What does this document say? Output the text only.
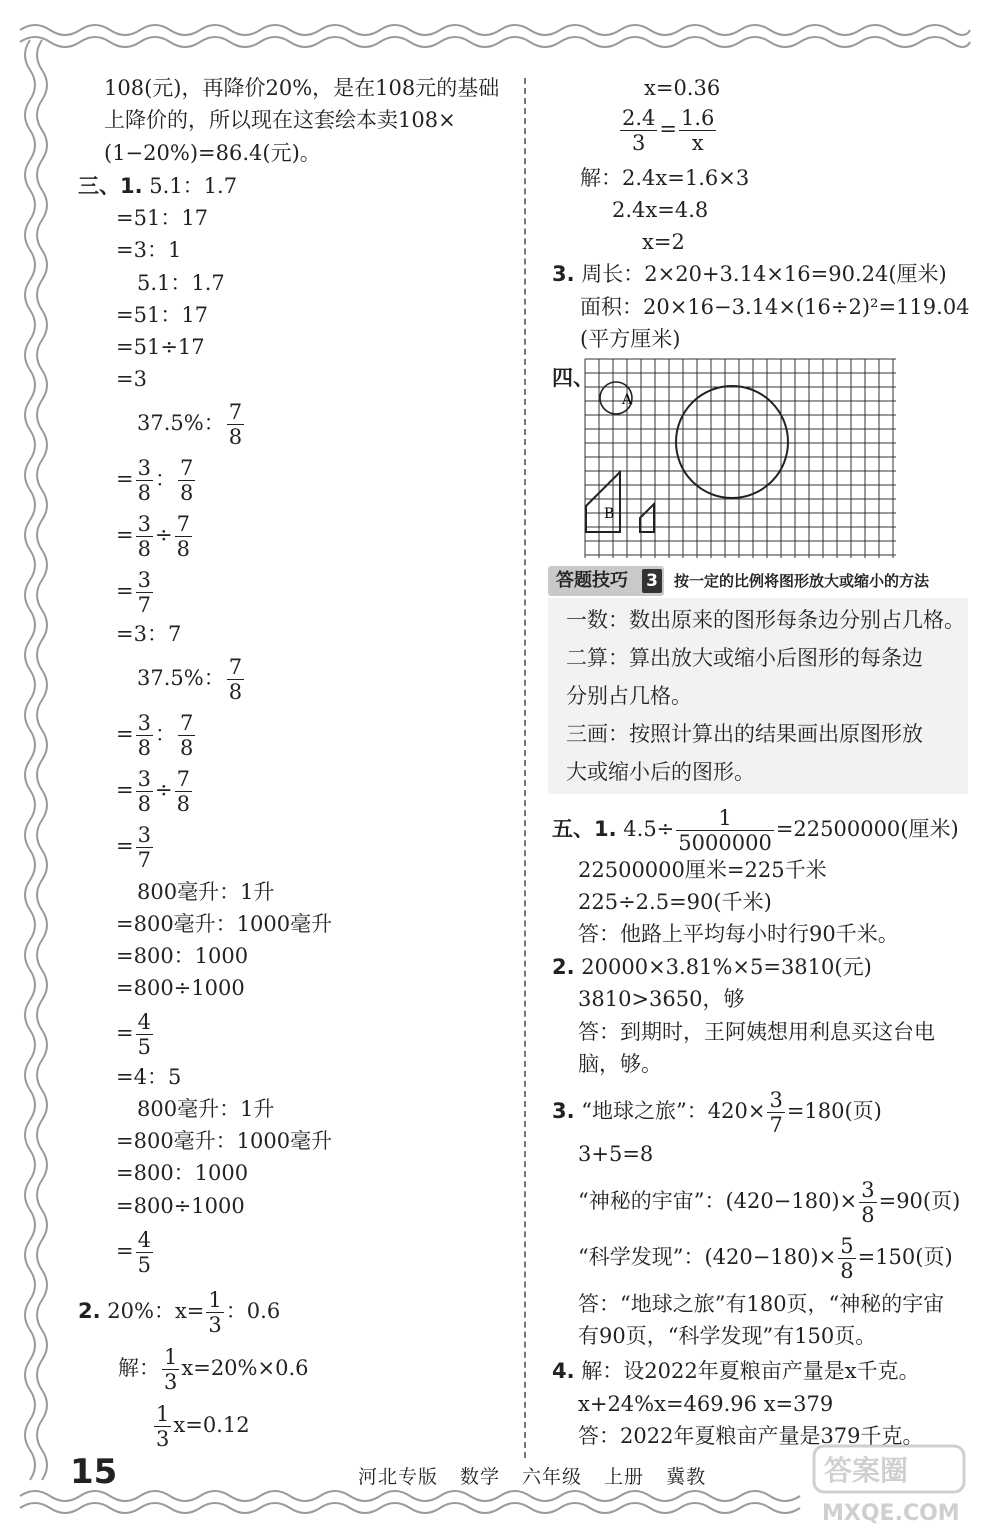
108(元)，再降价20%，是在108元的基础
上降价的，所以现在这套绘本卖108×
(1−20%)=86.4(元)。
三、1. 5.1：1.7
=51：17
=3：1
5.1：1.7
=51：17
=51÷17
=3
37.5%： $\frac{7}{8}$
= $\frac{3}{8}$ ： $\frac{7}{8}$
= $\frac{3}{8} \div \frac{7}{8}$
= $\frac{3}{7}$
=3：7
37.5%： $\frac{7}{8}$
= $\frac{3}{8}$ ： $\frac{7}{8}$
= $\frac{3}{8} \div \frac{7}{8}$
= $\frac{3}{7}$
800毫升：1升
=800毫升：1000毫升
=800：1000
=800÷1000
= $\frac{4}{5}$
=4：5
800毫升：1升
=800毫升：1000毫升
=800：1000
=800÷1000
= $\frac{4}{5}$
2. 20%：$x= \frac{1}{3}$ ：0.6
解： $\frac{1}{3} x=20\%\times 0.6$
$\frac{1}{3} x=0.12$
x=0.36
$\frac{2.4}{3} = \frac{1.6}{x}$
解：2.4x=1.6×3
2.4x=4.8
x=2
3. 周长：2×20+3.14×16=90.24(厘米)
面积：20×16−3.14×(16÷2)²=119.04
(平方厘米)
四、
A
B
答题技巧	3 按一定的比例将图形放大或缩小的方法
一数：数出原来的图形每条边分别占几格。
二算：算出放大或缩小后图形的每条边
分别占几格。
三画：按照计算出的结果画出原图形放
大或缩小后的图形。
五、1. $4.5\div \frac{1}{5000000} =22500000$(厘米)
22500000厘米=225千米
225÷2.5=90(千米)
答：他路上平均每小时行90千米。
2. 20000×3.81%×5=3810(元)
3810>3650，够
答：到期时，王阿姨想用利息买这台电
脑，够。
3. “地球之旅”：$420\times \frac{3}{7} =180$(页)
3+5=8
“神秘的宇宙”：$(420-180)\times \frac{3}{8} =90$(页)
“科学发现”：$(420-180)\times \frac{5}{8} =150$(页)
答：“地球之旅”有180页，“神秘的宇宙
有90页，“科学发现”有150页。
4. 解：设2022年夏粮亩产量是x千克。
x+24%x=469.96 x=379
答：2022年夏粮亩产量是379千克。
15	河北专版 数学 六年级 上册 冀教	答案圈
MXQE.COM
